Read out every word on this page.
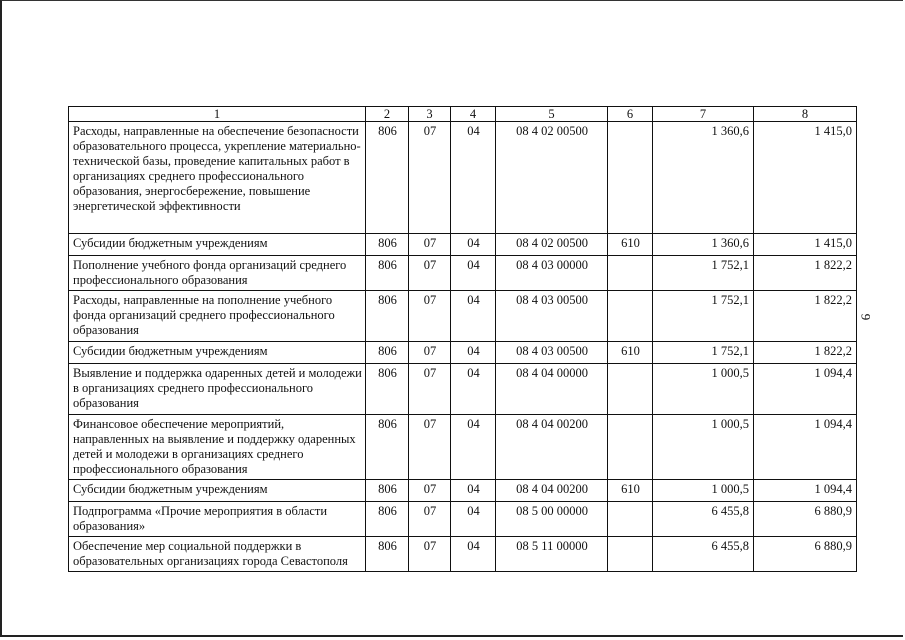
1	2	3	4	5	6	7	8
Расходы, направленные на обеспечение безопасности образовательного процесса, укрепление материально-технической базы, проведение капитальных работ в организациях среднего профессионального образования, энергосбережение, повышение энергетической эффективности	806	07	04	08 4 02 00500		1 360,6	1 415,0
Субсидии бюджетным учреждениям	806	07	04	08 4 02 00500	610	1 360,6	1 415,0
Пополнение учебного фонда организаций среднего профессионального образования	806	07	04	08 4 03 00000		1 752,1	1 822,2
Расходы, направленные на пополнение учебного фонда организаций среднего профессионального образования	806	07	04	08 4 03 00500		1 752,1	1 822,2
Субсидии бюджетным учреждениям	806	07	04	08 4 03 00500	610	1 752,1	1 822,2
Выявление и поддержка одаренных детей и молодежи в организациях среднего профессионального образования	806	07	04	08 4 04 00000		1 000,5	1 094,4
Финансовое обеспечение мероприятий, направленных на выявление и поддержку одаренных детей и молодежи в организациях среднего профессионального образования	806	07	04	08 4 04 00200		1 000,5	1 094,4
Субсидии бюджетным учреждениям	806	07	04	08 4 04 00200	610	1 000,5	1 094,4
Подпрограмма «Прочие мероприятия в области образования»	806	07	04	08 5 00 00000		6 455,8	6 880,9
Обеспечение мер социальной поддержки в образовательных организациях города Севастополя	806	07	04	08 5 11 00000		6 455,8	6 880,9
9
